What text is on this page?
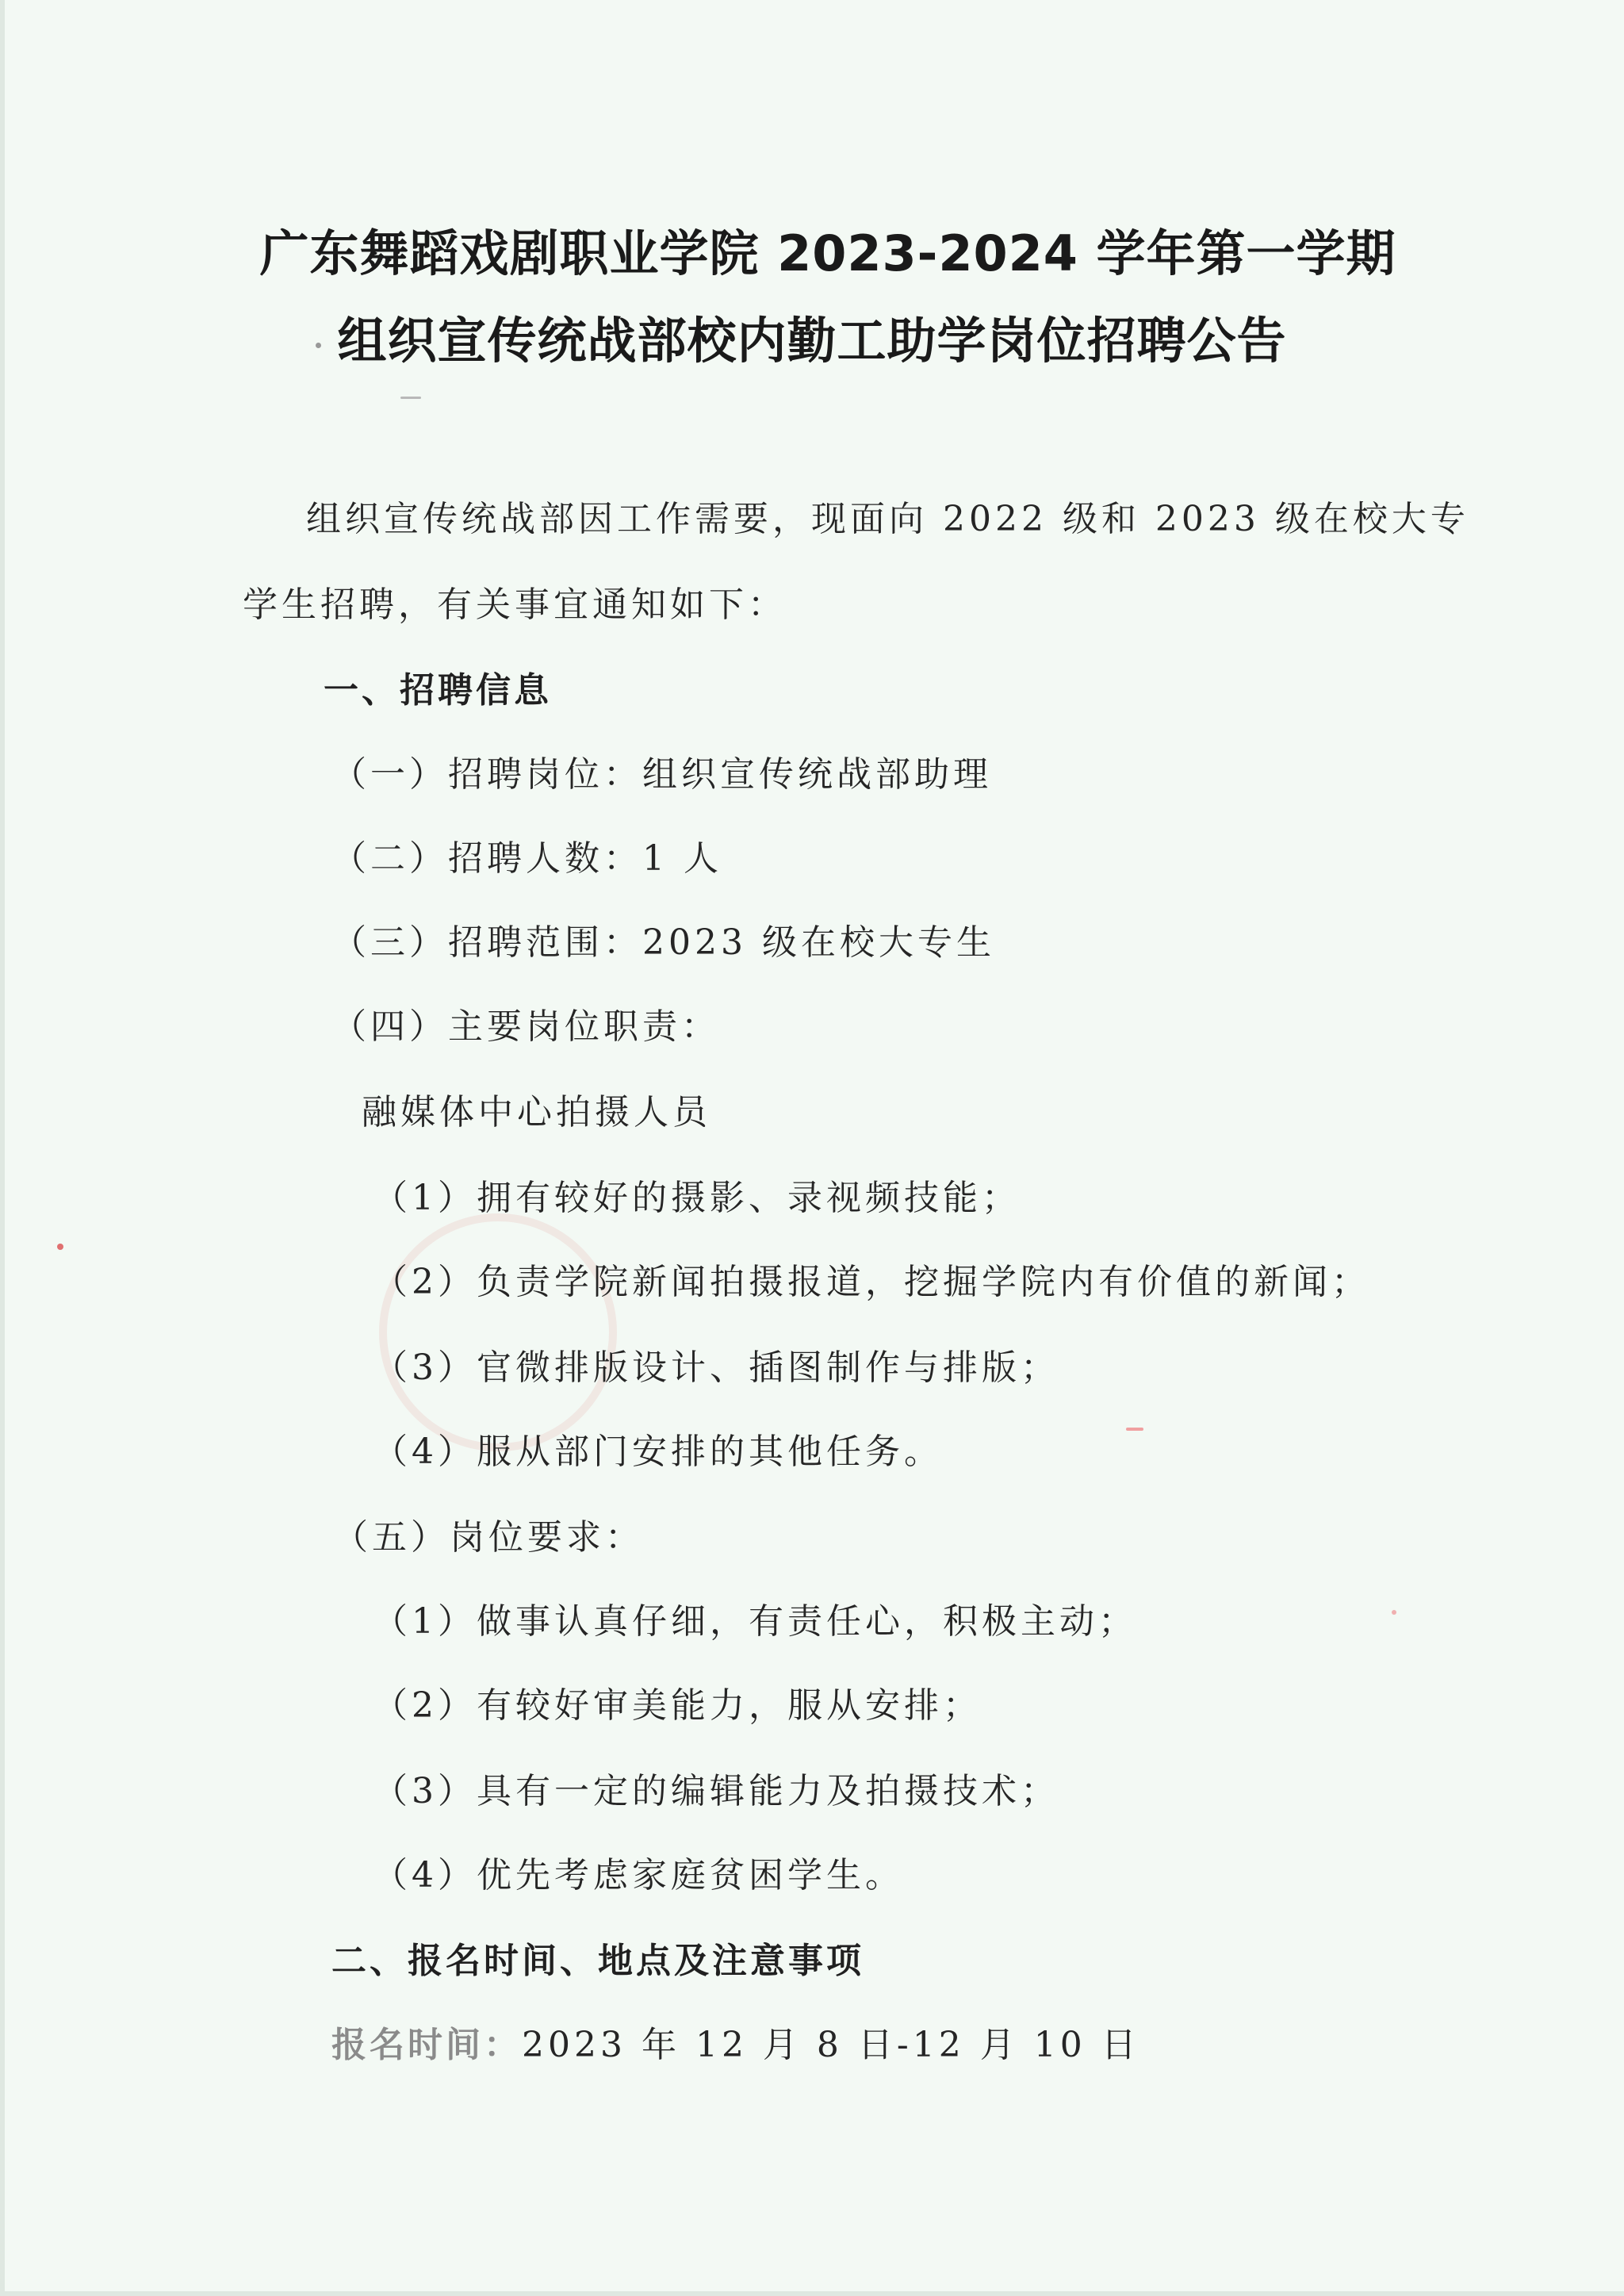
广东舞蹈戏剧职业学院 2023-2024 学年第一学期
组织宣传统战部校内勤工助学岗位招聘公告
组织宣传统战部因工作需要，现面向 2022 级和 2023 级在校大专
学生招聘，有关事宜通知如下：
一、招聘信息
（一）招聘岗位：组织宣传统战部助理
（二）招聘人数：1 人
（三）招聘范围：2023 级在校大专生
（四）主要岗位职责：
融媒体中心拍摄人员
（1）拥有较好的摄影、录视频技能；
（2）负责学院新闻拍摄报道，挖掘学院内有价值的新闻；
（3）官微排版设计、插图制作与排版；
（4）服从部门安排的其他任务。
（五）岗位要求：
（1）做事认真仔细，有责任心，积极主动；
（2）有较好审美能力，服从安排；
（3）具有一定的编辑能力及拍摄技术；
（4）优先考虑家庭贫困学生。
二、报名时间、地点及注意事项
报名时间：2023 年 12 月 8 日-12 月 10 日
